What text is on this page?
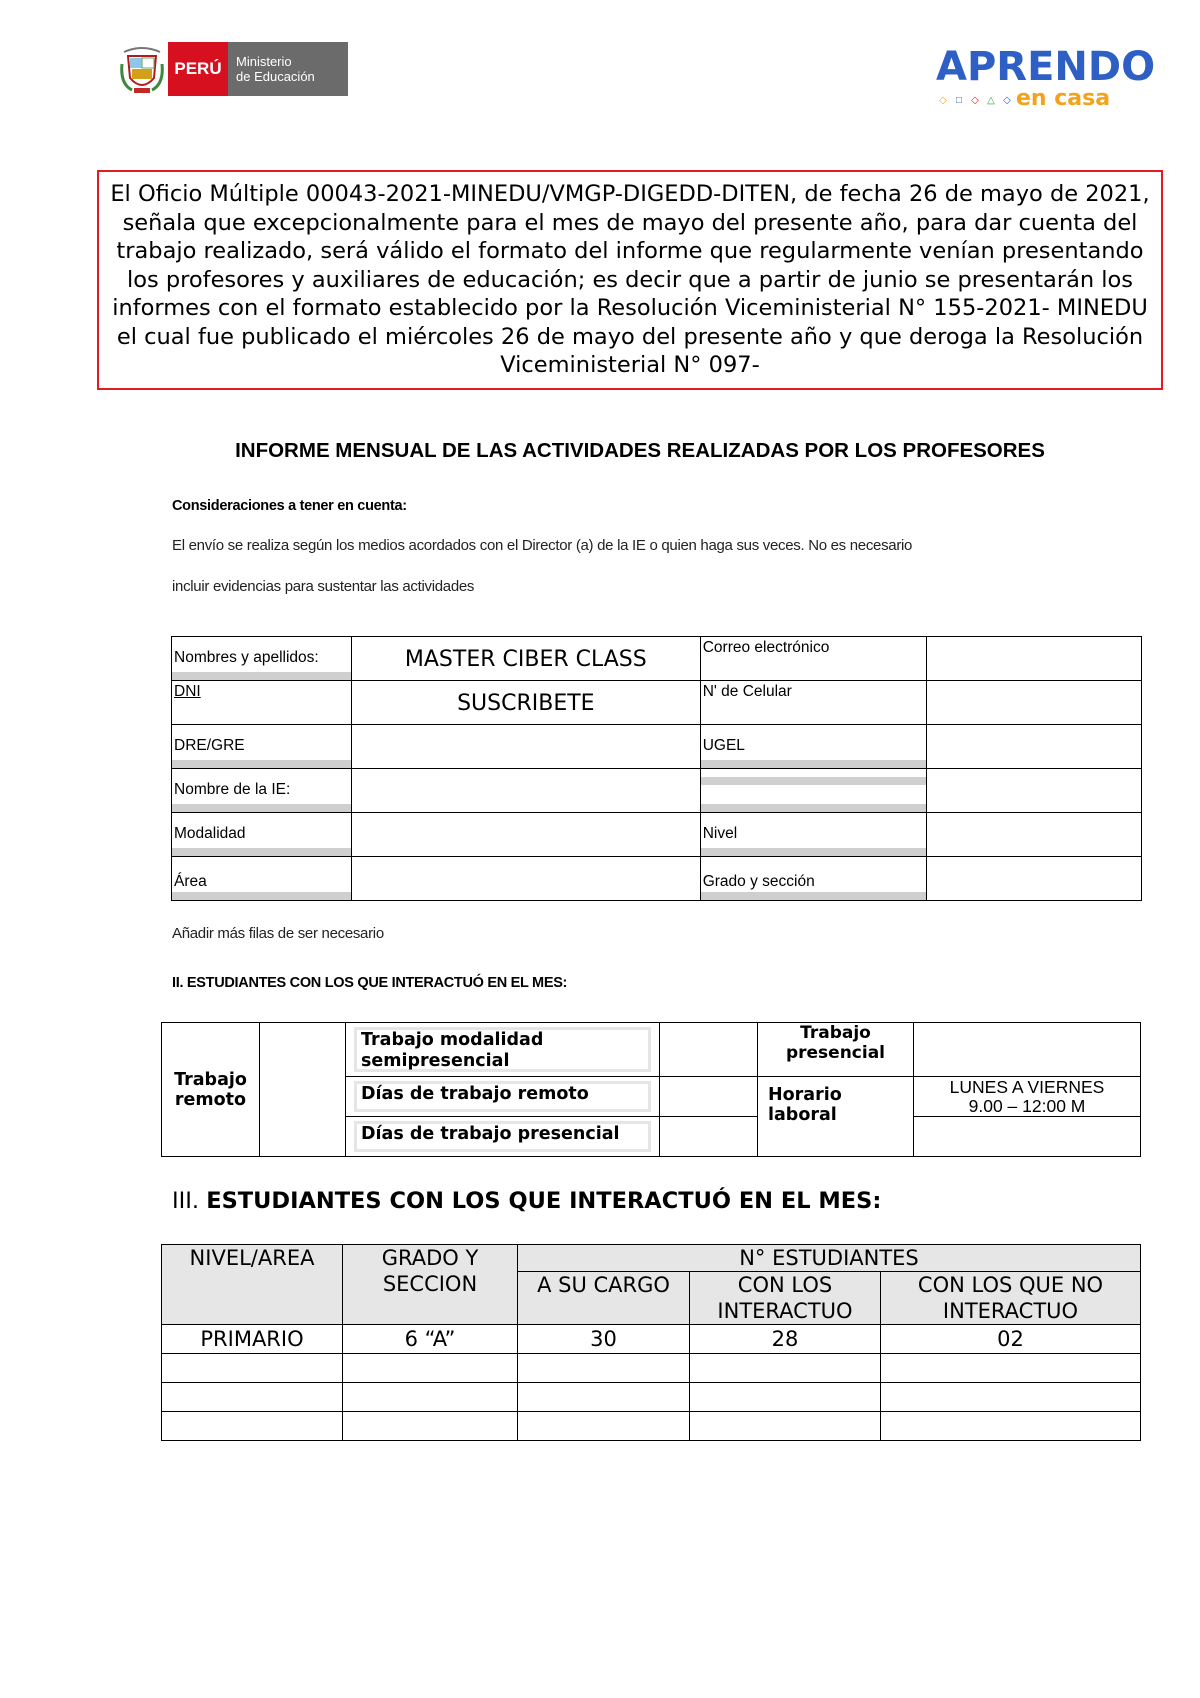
PERÚ Ministerio
de Educación	APRENDO
◇ □ ◇ △ ◇ en casa
El Oficio Múltiple 00043-2021-MINEDU/VMGP-DIGEDD-DITEN, de fecha 26 de mayo de 2021, señala que excepcionalmente para el mes de mayo del presente año, para dar cuenta del trabajo realizado, será válido el formato del informe que regularmente venían presentando los profesores y auxiliares de educación; es decir que a partir de junio se presentarán los informes con el formato establecido por la Resolución Viceministerial N° 155-2021- MINEDU el cual fue publicado el miércoles 26 de mayo del presente año y que deroga la Resolución Viceministerial N° 097-
INFORME MENSUAL DE LAS ACTIVIDADES REALIZADAS POR LOS PROFESORES
Consideraciones a tener en cuenta:
El envío se realiza según los medios acordados con el Director (a) de la IE o quien haga sus veces. No es necesario
incluir evidencias para sustentar las actividades
Nombres y apellidos:	MASTER CIBER CLASS	Correo electrónico	

DNI	SUSCRIBETE	N' de Celular	

DRE/GRE		UGEL	

Nombre de la IE:			

Modalidad		Nivel	

Área		Grado y sección	

Añadir más filas de ser necesario
II. ESTUDIANTES CON LOS QUE INTERACTUÓ EN EL MES:
Trabajo remoto		Trabajo modalidad semipresencial		Trabajo presencial	

		Días de trabajo remoto		Horario laboral	LUNES A VIERNES
9.00 – 12:00 M

		Días de trabajo presencial			

III. ESTUDIANTES CON LOS QUE INTERACTUÓ EN EL MES:
NIVEL/AREA	GRADO Y SECCION	N° ESTUDIANTES		
		A SU CARGO	CON LOS INTERACTUO	CON LOS QUE NO INTERACTUO
PRIMARIO	6 “A”	30	28	02
